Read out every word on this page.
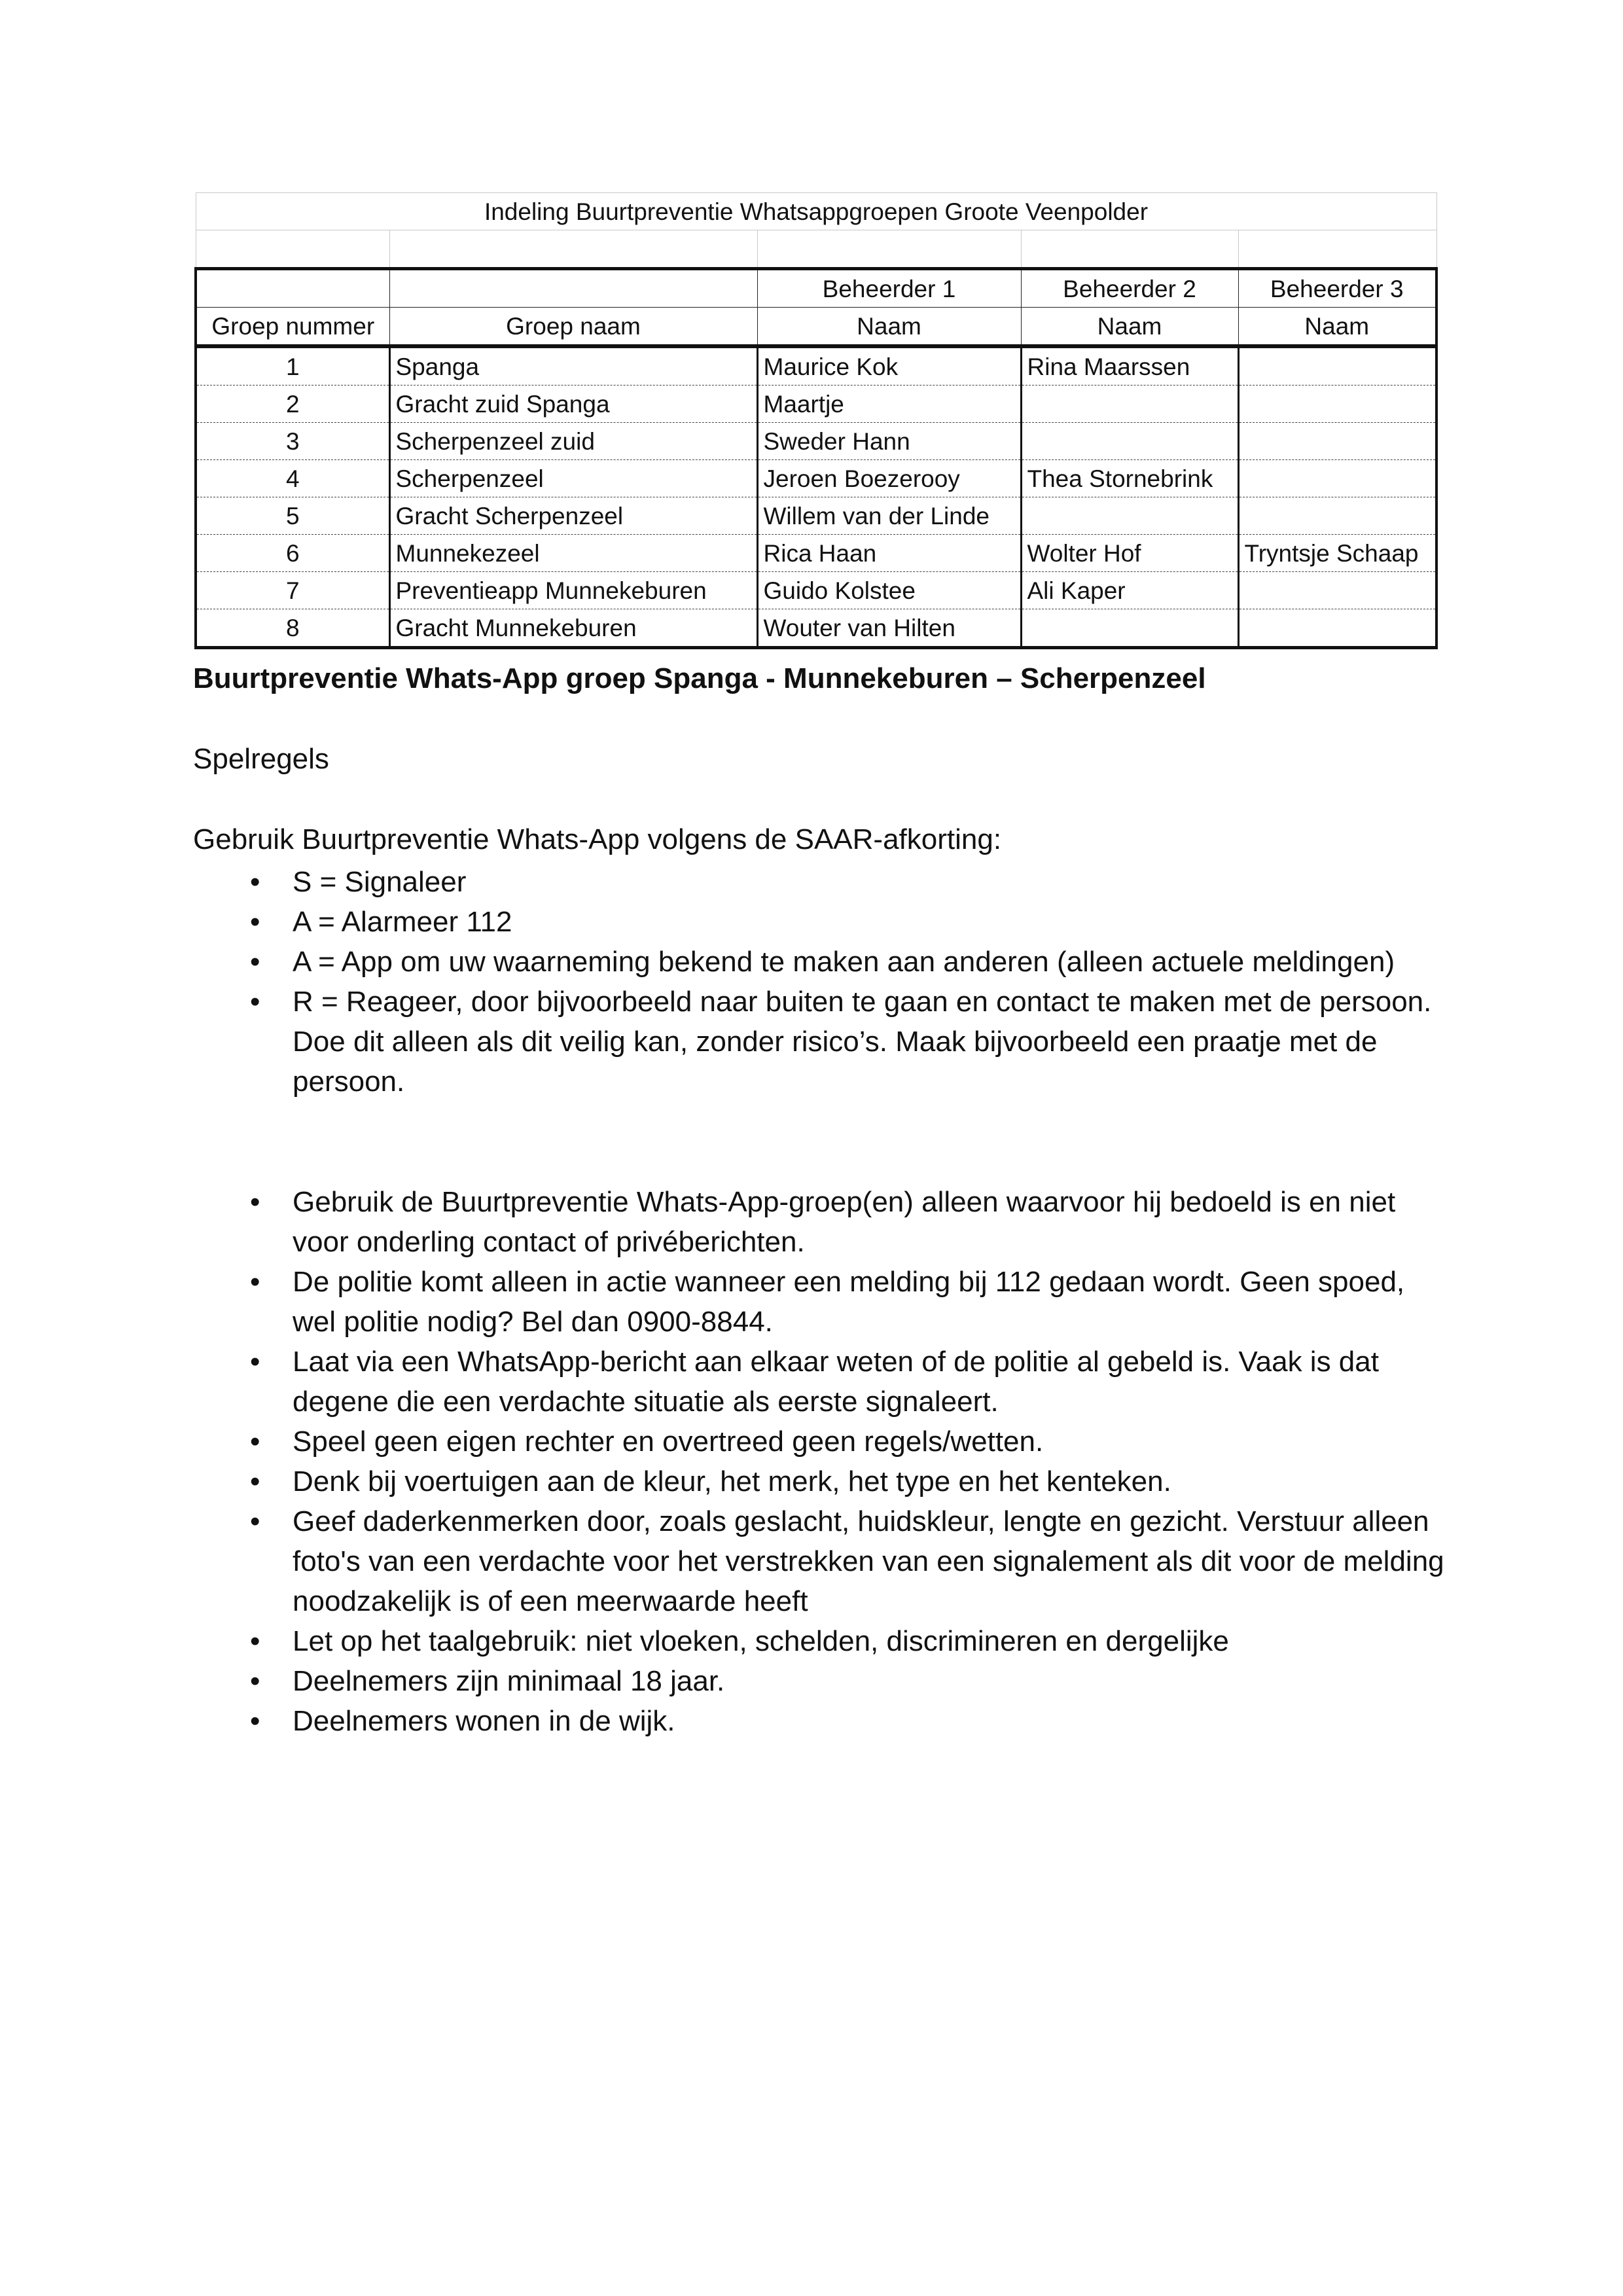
Indeling Buurtpreventie Whatsappgroepen Groote Veenpolder				

		Beheerder 1	Beheerder 2	Beheerder 3
Groep nummer	Groep naam	Naam	Naam	Naam
1	Spanga	Maurice Kok	Rina Maarssen	
2	Gracht zuid Spanga	Maartje		
3	Scherpenzeel zuid	Sweder Hann		
4	Scherpenzeel	Jeroen Boezerooy	Thea Stornebrink	
5	Gracht Scherpenzeel	Willem van der Linde		
6	Munnekezeel	Rica Haan	Wolter Hof	Tryntsje Schaap
7	Preventieapp Munnekeburen	Guido Kolstee	Ali Kaper	
8	Gracht Munnekeburen	Wouter van Hilten		
Buurtpreventie Whats-App groep Spanga - Munnekeburen – Scherpenzeel
Spelregels
Gebruik Buurtpreventie Whats-App volgens de SAAR-afkorting:
• S = Signaleer
• A = Alarmeer 112
• A = App om uw waarneming bekend te maken aan anderen (alleen actuele meldingen)
• R = Reageer, door bijvoorbeeld naar buiten te gaan en contact te maken met de persoon. Doe dit alleen als dit veilig kan, zonder risico’s. Maak bijvoorbeeld een praatje met de persoon.
• Gebruik de Buurtpreventie Whats-App-groep(en) alleen waarvoor hij bedoeld is en niet voor onderling contact of privéberichten.
• De politie komt alleen in actie wanneer een melding bij 112 gedaan wordt. Geen spoed, wel politie nodig? Bel dan 0900-8844.
• Laat via een WhatsApp-bericht aan elkaar weten of de politie al gebeld is. Vaak is dat degene die een verdachte situatie als eerste signaleert.
• Speel geen eigen rechter en overtreed geen regels/wetten.
• Denk bij voertuigen aan de kleur, het merk, het type en het kenteken.
• Geef daderkenmerken door, zoals geslacht, huidskleur, lengte en gezicht. Verstuur alleen foto's van een verdachte voor het verstrekken van een signalement als dit voor de melding noodzakelijk is of een meerwaarde heeft
• Let op het taalgebruik: niet vloeken, schelden, discrimineren en dergelijke
• Deelnemers zijn minimaal 18 jaar.
• Deelnemers wonen in de wijk.
